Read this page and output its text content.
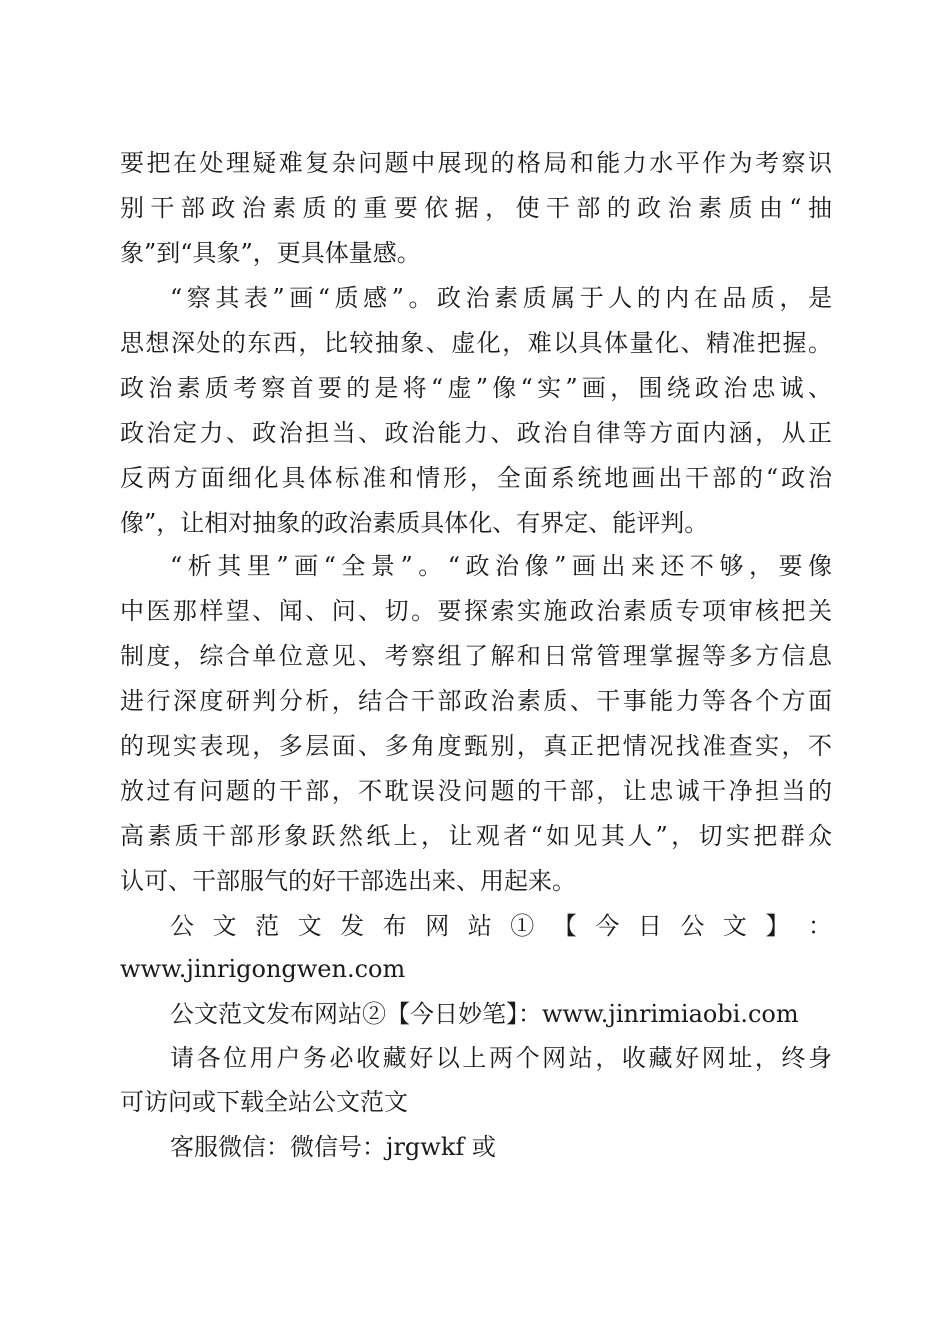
要把在处理疑难复杂问题中展现的格局和能力水平作为考察识
别干部政治素质的重要依据，使干部的政治素质由“抽
象”到“具象”，更具体量感。
“察其表”画“质感”。政治素质属于人的内在品质，是
思想深处的东西，比较抽象、虚化，难以具体量化、精准把握。
政治素质考察首要的是将“虚”像“实”画，围绕政治忠诚、
政治定力、政治担当、政治能力、政治自律等方面内涵，从正
反两方面细化具体标准和情形，全面系统地画出干部的“政治
像”，让相对抽象的政治素质具体化、有界定、能评判。
“析其里”画“全景”。“政治像”画出来还不够，要像
中医那样望、闻、问、切。要探索实施政治素质专项审核把关
制度，综合单位意见、考察组了解和日常管理掌握等多方信息
进行深度研判分析，结合干部政治素质、干事能力等各个方面
的现实表现，多层面、多角度甄别，真正把情况找准查实，不
放过有问题的干部，不耽误没问题的干部，让忠诚干净担当的
高素质干部形象跃然纸上，让观者“如见其人”，切实把群众
认可、干部服气的好干部选出来、用起来。
公 文 范 文 发 布 网 站 ① 【 今 日 公 文 】 ：
www.jinrigongwen.com
公文范文发布网站②【今日妙笔】：www.jinrimiaobi.com
请各位用户务必收藏好以上两个网站，收藏好网址，终身
可访问或下载全站公文范文
客服微信：微信号：jrgwkf 或
